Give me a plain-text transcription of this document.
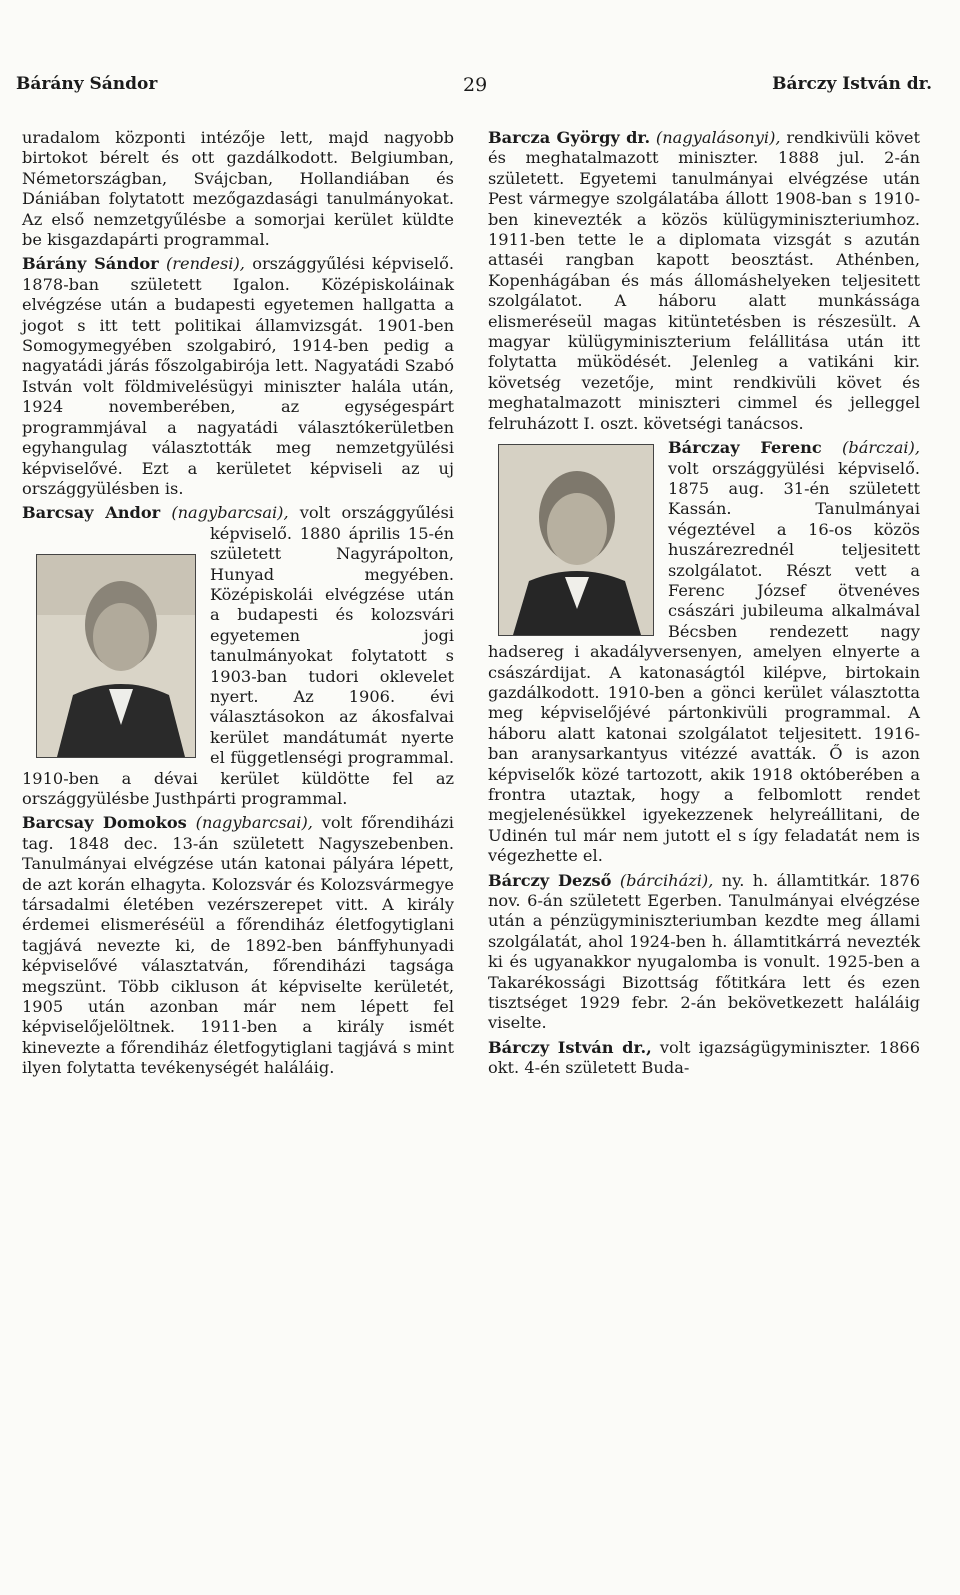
Bárány Sándor	29	Bárczy István dr.

uradalom központi intézője lett, majd nagyobb birtokot bérelt és ott gazdálkodott. Belgiumban, Németországban, Svájcban, Hollandiában és Dániában folytatott mezőgazdasági tanulmányokat. Az első nemzetgyűlésbe a somorjai kerület küldte be kisgazdapárti programmal.

Bárány Sándor (rendesi), országgyűlési képviselő. 1878-ban született Igalon. Középiskoláinak elvégzése után a budapesti egyetemen hallgatta a jogot s itt tett politikai államvizsgát. 1901-ben Somogymegyében szolgabiró, 1914-ben pedig a nagyatádi járás főszolgabirója lett. Nagyatádi Szabó István volt földmivelésügyi miniszter halála után, 1924 novemberében, az egységespárt programmjával a nagyatádi választókerületben egyhangulag választották meg nemzetgyülési képviselővé. Ezt a kerületet képviseli az uj országgyülésben is.

Barcsay Andor (nagybarcsai),
volt országgyűlési képviselő. 1880 április 15-én született Nagyrápolton, Hunyad megyében. Középiskolái elvégzése után a budapesti és kolozsvári egyetemen jogi tanulmányokat folytatott s 1903-ban tudori oklevelet nyert. Az 1906. évi választásokon az ákosfalvai kerület mandátumát nyerte el függetlenségi programmal. 1910-ben a dévai kerület küldötte fel az országgyülésbe Justhpárti programmal.

Barcsay Domokos (nagybarcsai), volt főrendiházi tag. 1848 dec. 13-án született Nagyszebenben. Tanulmányai elvégzése után katonai pályára lépett, de azt korán elhagyta. Kolozsvár és Kolozsvármegye társadalmi életében vezérszerepet vitt. A király érdemei elismeréséül a főrendiház életfogytiglani tagjává nevezte ki, de 1892-ben bánffyhunyadi képviselővé választatván, főrendiházi tagsága megszünt. Több cikluson át képviselte kerületét, 1905 után azonban már nem lépett fel képviselőjelöltnek. 1911-ben a király ismét kinevezte a főrendiház életfogytiglani tagjává s mint ilyen folytatta tevékenységét haláláig.

Barcza György dr. (nagyalásonyi), rendkivüli követ és meghatalmazott miniszter. 1888 jul. 2-án született. Egyetemi tanulmányai elvégzése után Pest vármegye szolgálatába állott 1908-ban s 1910-ben kinevezték a közös külügyminiszteriumhoz. 1911-ben tette le a diplomata vizsgát s azután attaséi rangban kapott beosztást. Athénben, Kopenhágában és más állomáshelyeken teljesitett szolgálatot. A háboru alatt munkássága elismeréseül magas kitüntetésben is részesült. A magyar külügyminiszterium felállitása után itt folytatta müködését. Jelenleg a vatikáni kir. követség vezetője, mint rendkivüli követ és meghatalmazott miniszteri cimmel és jelleggel felruházott I. oszt. követségi tanácsos.

Bárczay Ferenc (bárczai),
volt országgyülési képviselő. 1875 aug. 31-én született Kassán. Tanulmányai végeztével a 16-os közös huszárezrednél teljesitett szolgálatot. Részt vett a Ferenc József ötvenéves császári jubileuma alkalmával Bécsben rendezett nagy hadsereg i akadályversenyen, amelyen elnyerte a császárdijat. A katonaságtól kilépve, birtokain gazdálkodott. 1910-ben a gönci kerület választotta meg képviselőjévé pártonkivüli programmal. A háboru alatt katonai szolgálatot teljesitett. 1916-ban aranysarkantyus vitézzé avatták. Ő is azon képviselők közé tartozott, akik 1918 októberében a frontra utaztak, hogy a felbomlott rendet megjelenésükkel igyekezzenek helyreállitani, de Udinén tul már nem jutott el s így feladatát nem is végezhette el.

Bárczy Dezső (bárciházi), ny. h. államtitkár. 1876 nov. 6-án született Egerben. Tanulmányai elvégzése után a pénzügyminiszteriumban kezdte meg állami szolgálatát, ahol 1924-ben h. államtitkárrá nevezték ki és ugyanakkor nyugalomba is vonult. 1925-ben a Takarékossági Bizottság főtitkára lett és ezen tisztséget 1929 febr. 2-án bekövetkezett haláláig viselte.

Bárczy István dr., volt igazságügyminiszter. 1866 okt. 4-én született Buda-
